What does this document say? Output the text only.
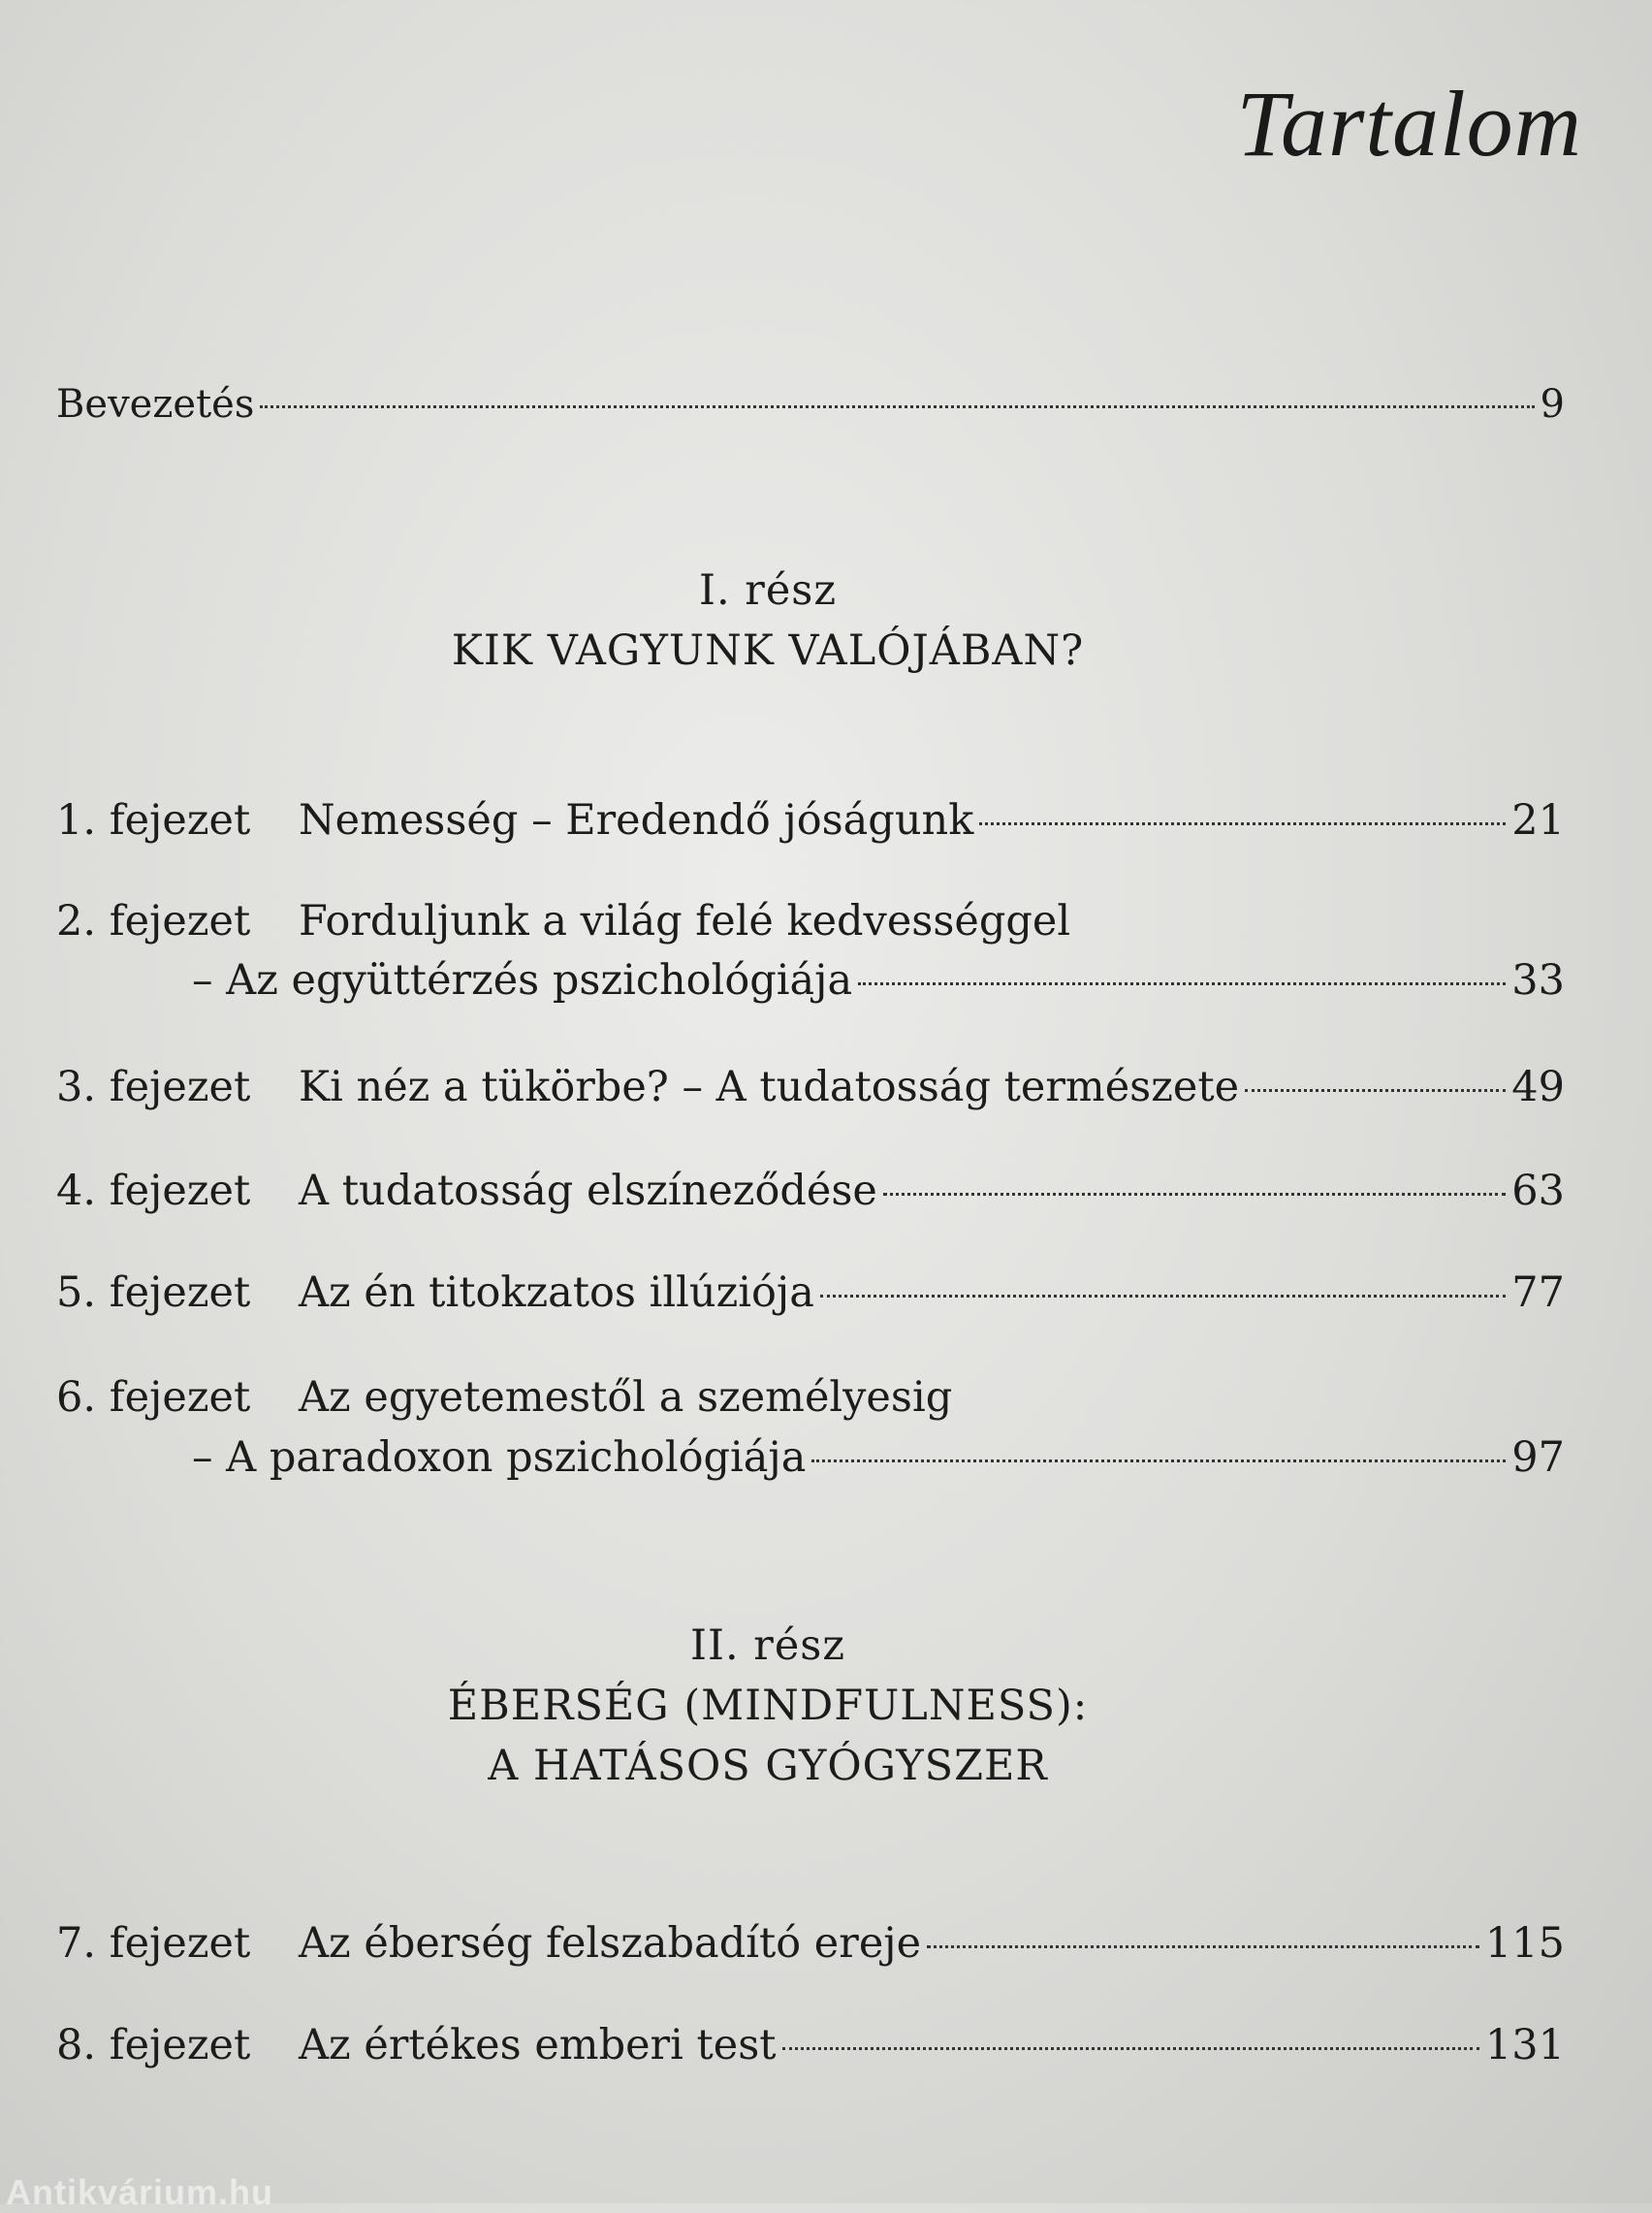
Tartalom
Bevezetés	9
I. rész
KIK VAGYUNK VALÓJÁBAN?
1. fejezet	Nemesség – Eredendő jóságunk	21
2. fejezet	Forduljunk a világ felé kedvességgel
– Az együttérzés pszichológiája	33
3. fejezet	Ki néz a tükörbe? – A tudatosság természete	49
4. fejezet	A tudatosság elszíneződése	63
5. fejezet	Az én titokzatos illúziója	77
6. fejezet	Az egyetemestől a személyesig
– A paradoxon pszichológiája	97
II. rész
ÉBERSÉG (MINDFULNESS):
A HATÁSOS GYÓGYSZER
7. fejezet	Az éberség felszabadító ereje	115
8. fejezet	Az értékes emberi test	131
Antikvárium.hu
